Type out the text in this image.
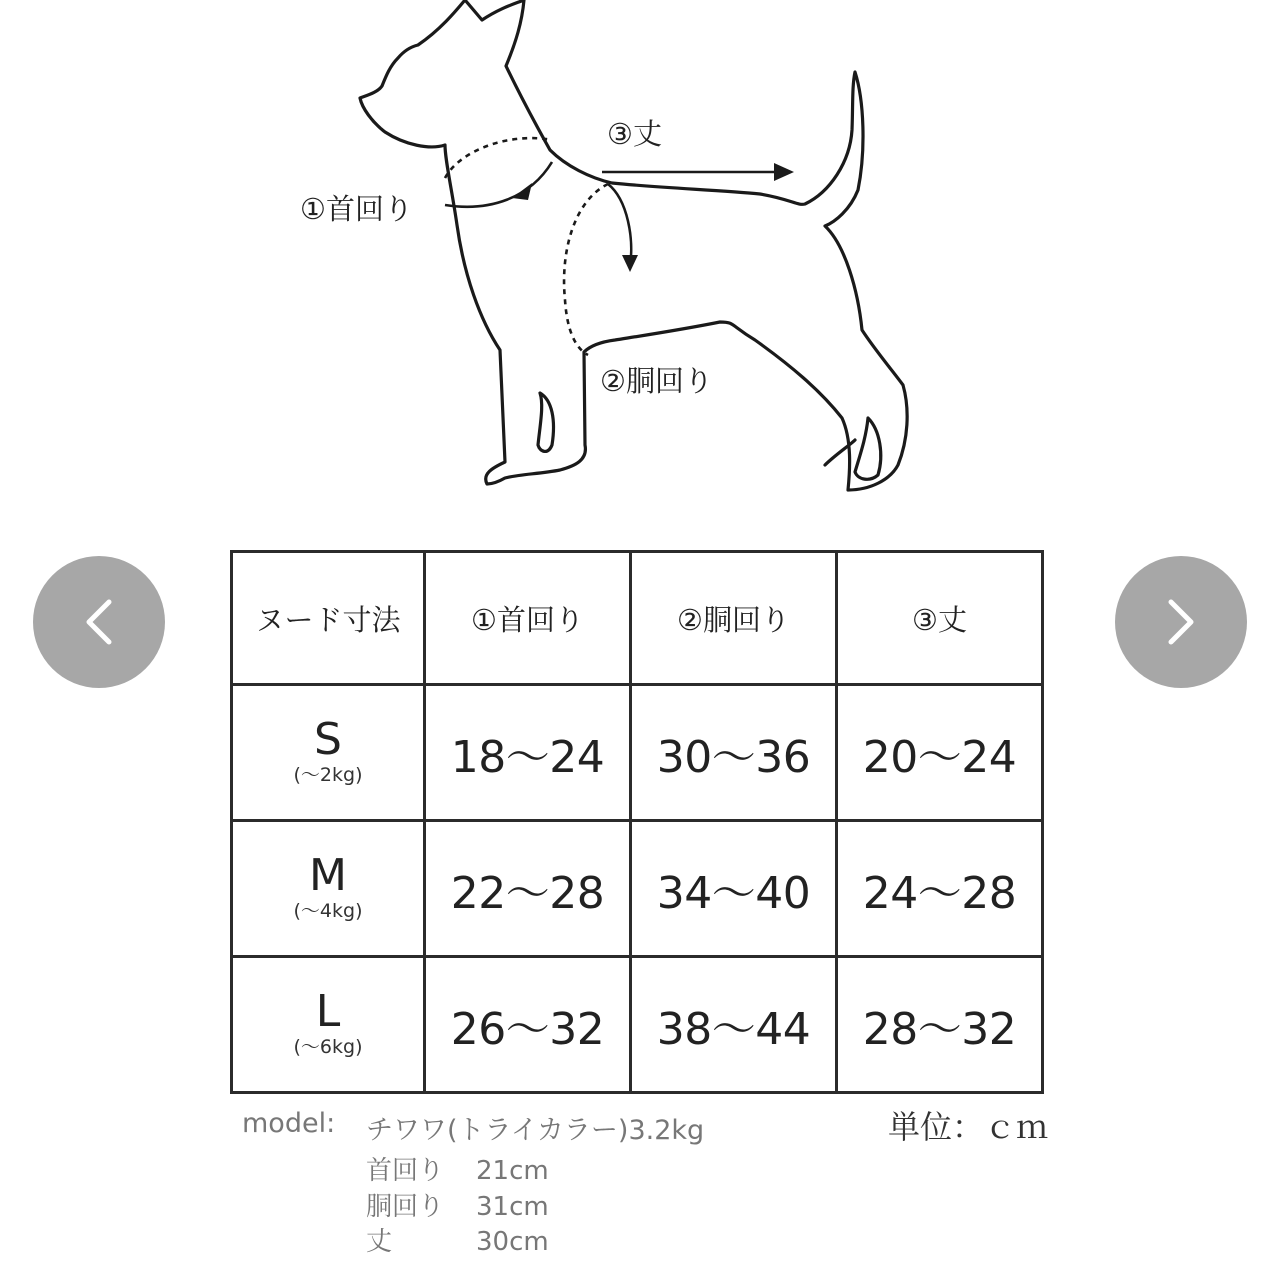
①首回り
②胴回り
③丈
ヌード寸法	①首回り	②胴回り	③丈

S
(〜2kg)	18〜24	30〜36	20〜24

M
(〜4kg)	22〜28	34〜40	24〜28

L
(〜6kg)	26〜32	38〜44	28〜32
model: チワワ(トライカラー)3.2kg	単位：ｃｍ
首回り 21cm
胴回り 31cm
丈	30cm
